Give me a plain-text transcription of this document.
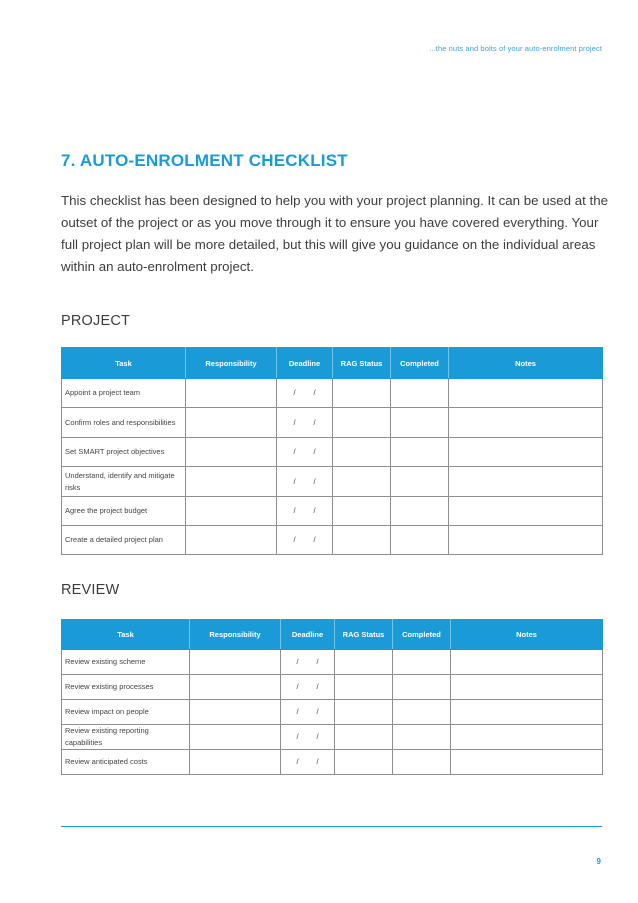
...the nuts and bolts of your auto-enrolment project
7. AUTO-ENROLMENT CHECKLIST

This checklist has been designed to help you with your project planning. It can be used at the outset of the project or as you move through it to ensure you have covered everything. Your full project plan will be more detailed, but this will give you guidance on the individual areas within an auto-enrolment project.

PROJECT
Task	Responsibility	Deadline	RAG Status	Completed	Notes
Appoint a project team		/ /			
Confirm roles and responsibilities		/ /			
Set SMART project objectives		/ /			
Understand, identify and mitigate risks		/ /			
Agree the project budget		/ /			
Create a detailed project plan		/ /			
REVIEW
Task	Responsibility	Deadline	RAG Status	Completed	Notes
Review existing scheme		/ /			
Review existing processes		/ /			
Review impact on people		/ /			
Review existing reporting capabilities		/ /			
Review anticipated costs		/ /			
9
